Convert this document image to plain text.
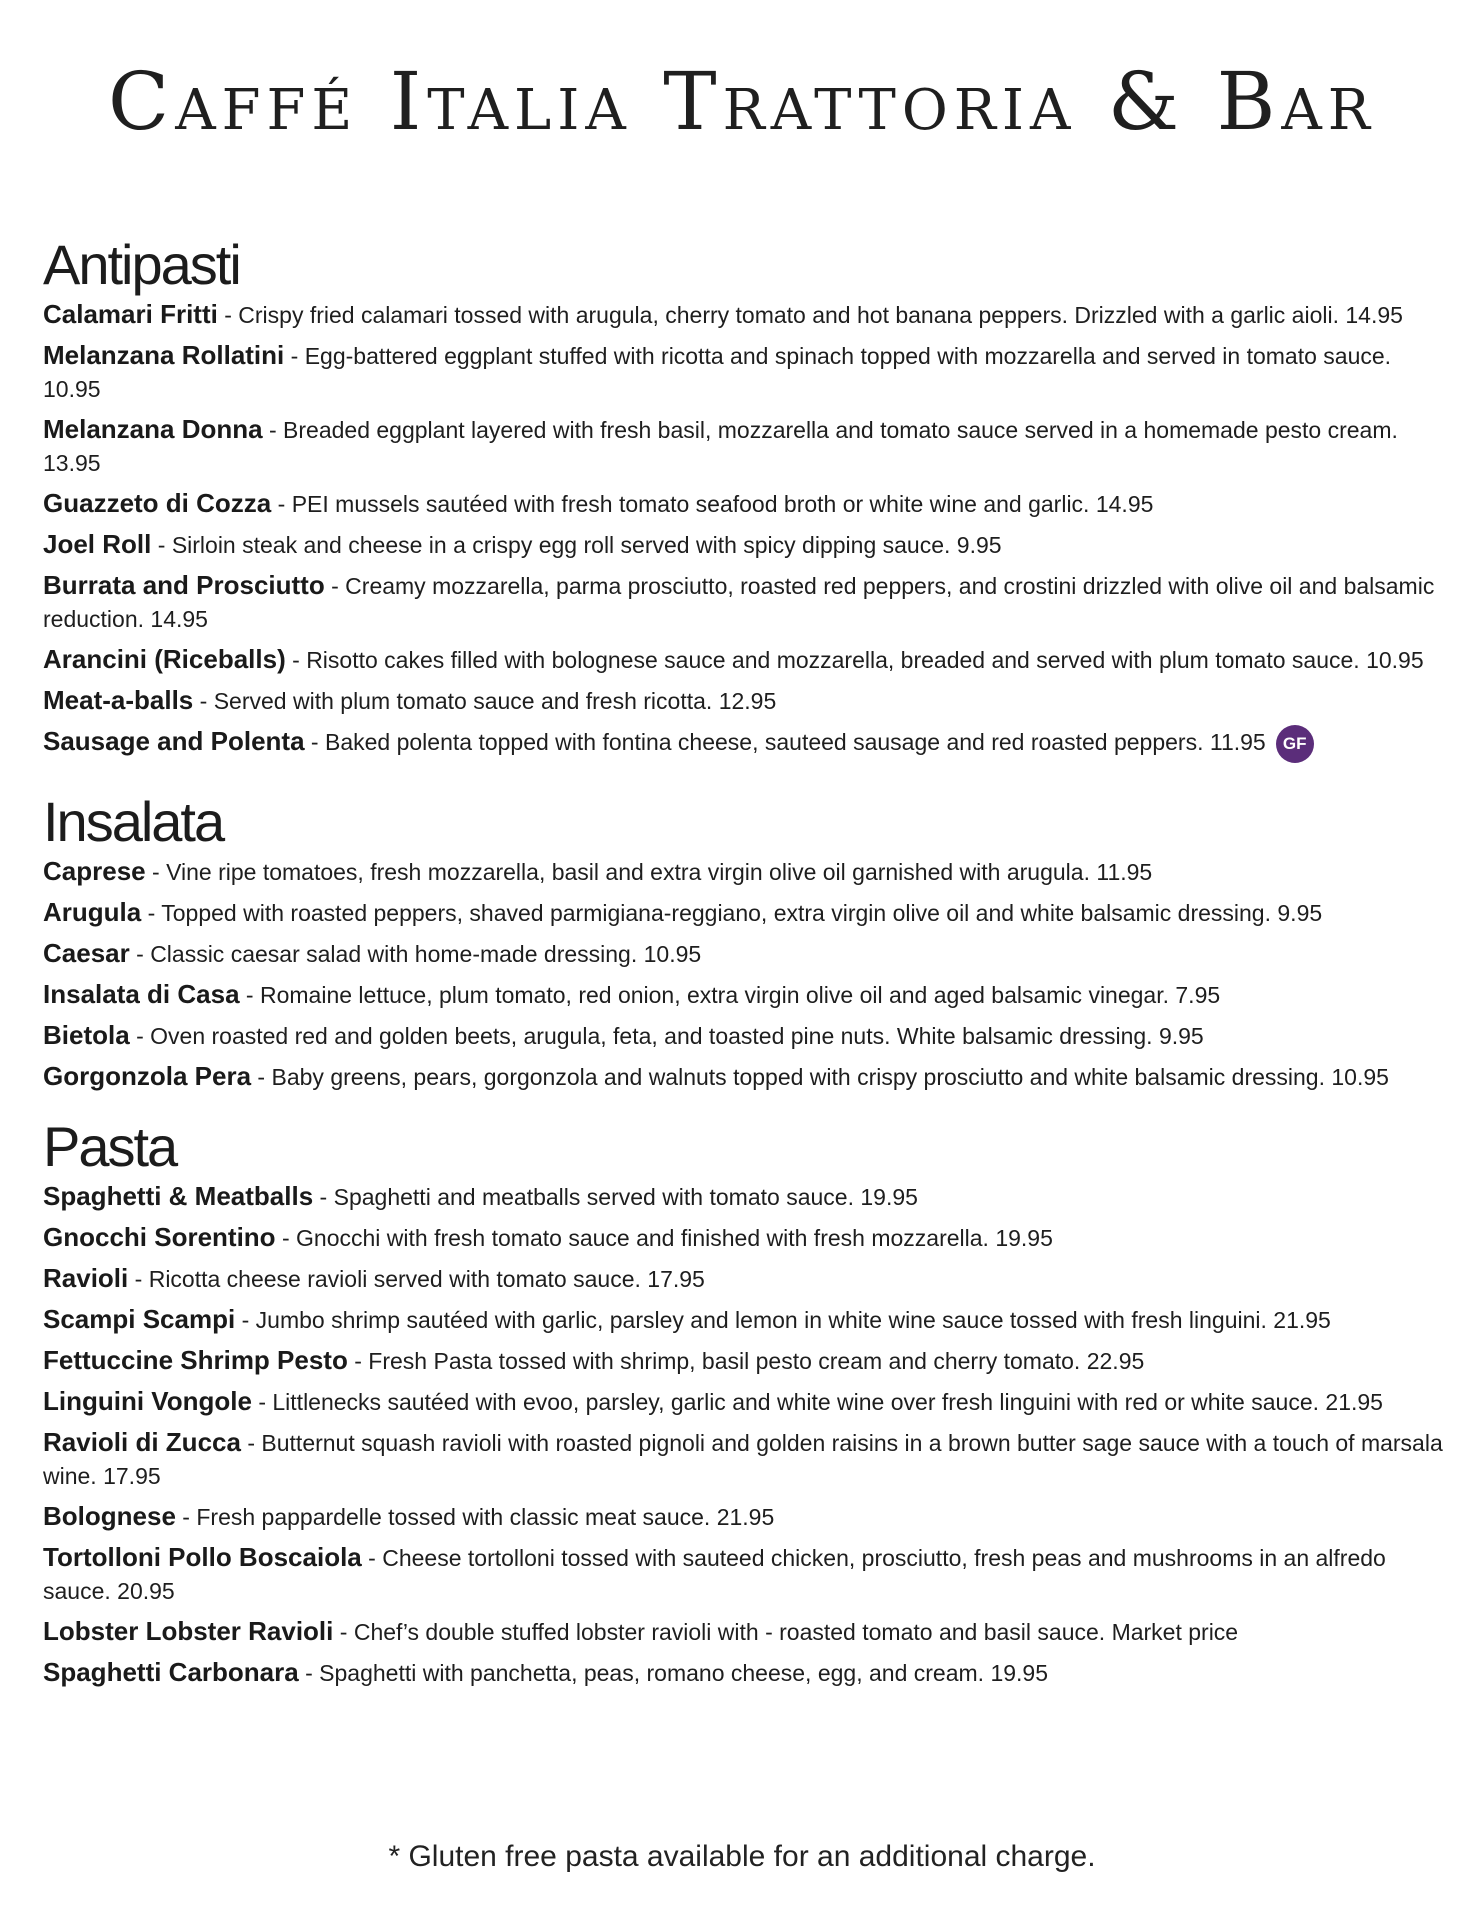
Caffé Italia Trattoria & Bar
Antipasti
Calamari Fritti - Crispy fried calamari tossed with arugula, cherry tomato and hot banana peppers. Drizzled with a garlic aioli. 14.95
Melanzana Rollatini - Egg-battered eggplant stuffed with ricotta and spinach topped with mozzarella and served in tomato sauce. 10.95
Melanzana Donna - Breaded eggplant layered with fresh basil, mozzarella and tomato sauce served in a homemade pesto cream. 13.95
Guazzeto di Cozza - PEI mussels sautéed with fresh tomato seafood broth or white wine and garlic. 14.95
Joel Roll - Sirloin steak and cheese in a crispy egg roll served with spicy dipping sauce. 9.95
Burrata and Prosciutto - Creamy mozzarella, parma prosciutto, roasted red peppers, and crostini drizzled with olive oil and balsamic reduction. 14.95
Arancini (Riceballs) - Risotto cakes filled with bolognese sauce and mozzarella, breaded and served with plum tomato sauce. 10.95
Meat-a-balls - Served with plum tomato sauce and fresh ricotta. 12.95
Sausage and Polenta - Baked polenta topped with fontina cheese, sauteed sausage and red roasted peppers. 11.95 GF
Insalata
Caprese - Vine ripe tomatoes, fresh mozzarella, basil and extra virgin olive oil garnished with arugula. 11.95
Arugula - Topped with roasted peppers, shaved parmigiana-reggiano, extra virgin olive oil and white balsamic dressing. 9.95
Caesar - Classic caesar salad with home-made dressing. 10.95
Insalata di Casa - Romaine lettuce, plum tomato, red onion, extra virgin olive oil and aged balsamic vinegar. 7.95
Bietola - Oven roasted red and golden beets, arugula, feta, and toasted pine nuts. White balsamic dressing. 9.95
Gorgonzola Pera - Baby greens, pears, gorgonzola and walnuts topped with crispy prosciutto and white balsamic dressing. 10.95
Pasta
Spaghetti & Meatballs - Spaghetti and meatballs served with tomato sauce. 19.95
Gnocchi Sorentino - Gnocchi with fresh tomato sauce and finished with fresh mozzarella. 19.95
Ravioli - Ricotta cheese ravioli served with tomato sauce. 17.95
Scampi Scampi - Jumbo shrimp sautéed with garlic, parsley and lemon in white wine sauce tossed with fresh linguini. 21.95
Fettuccine Shrimp Pesto - Fresh Pasta tossed with shrimp, basil pesto cream and cherry tomato. 22.95
Linguini Vongole - Littlenecks sautéed with evoo, parsley, garlic and white wine over fresh linguini with red or white sauce. 21.95
Ravioli di Zucca - Butternut squash ravioli with roasted pignoli and golden raisins in a brown butter sage sauce with a touch of marsala wine. 17.95
Bolognese - Fresh pappardelle tossed with classic meat sauce. 21.95
Tortolloni Pollo Boscaiola - Cheese tortolloni tossed with sauteed chicken, prosciutto, fresh peas and mushrooms in an alfredo sauce. 20.95
Lobster Lobster Ravioli - Chef’s double stuffed lobster ravioli with - roasted tomato and basil sauce. Market price
Spaghetti Carbonara - Spaghetti with panchetta, peas, romano cheese, egg, and cream. 19.95
* Gluten free pasta available for an additional charge.
